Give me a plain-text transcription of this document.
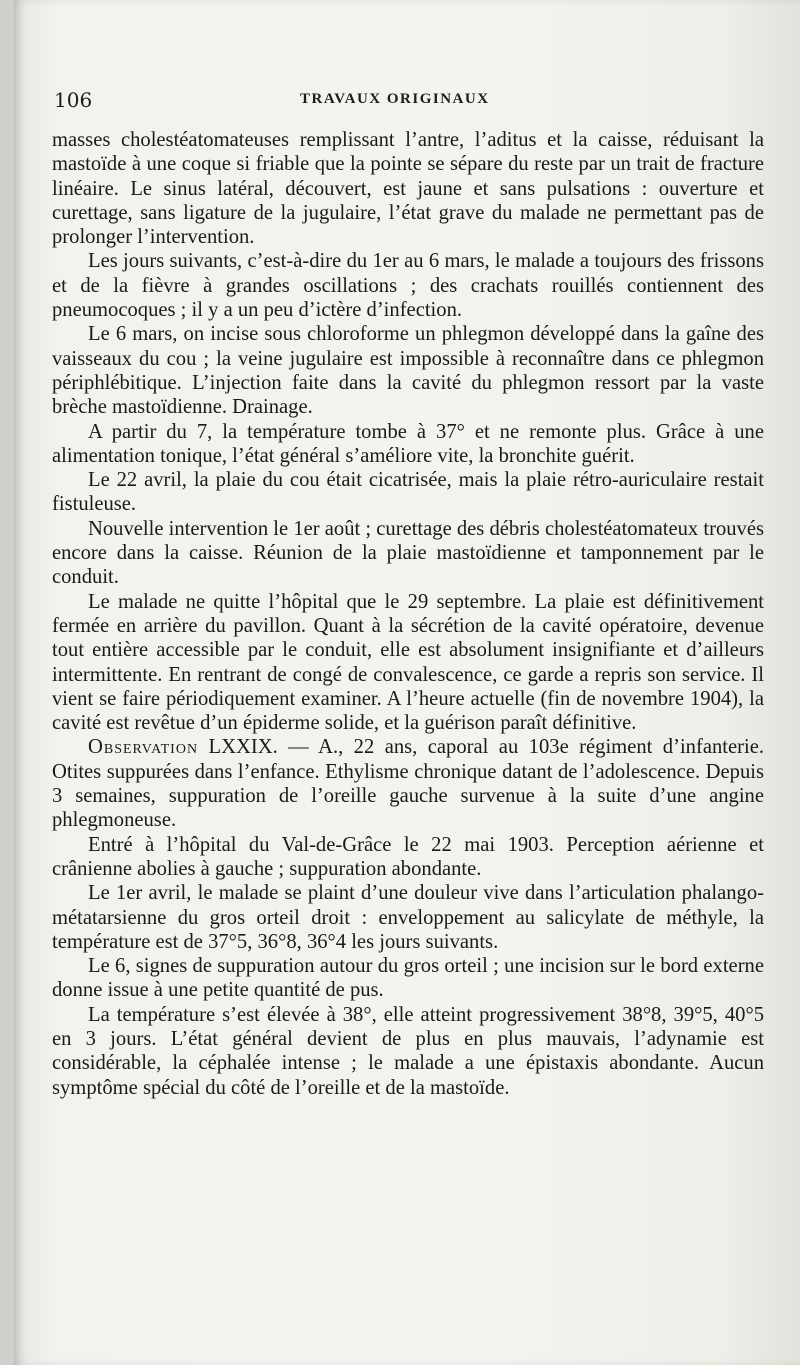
106	TRAVAUX ORIGINAUX

masses cholestéatomateuses remplissant l’antre, l’aditus et la caisse, réduisant la mastoïde à une coque si friable que la pointe se sépare du reste par un trait de fracture linéaire. Le sinus latéral, découvert, est jaune et sans pulsations : ouverture et curettage, sans ligature de la jugulaire, l’état grave du malade ne permettant pas de prolonger l’intervention.

Les jours suivants, c’est-à-dire du 1er au 6 mars, le malade a toujours des frissons et de la fièvre à grandes oscillations ; des crachats rouillés contiennent des pneumocoques ; il y a un peu d’ictère d’infection.

Le 6 mars, on incise sous chloroforme un phlegmon développé dans la gaîne des vaisseaux du cou ; la veine jugulaire est impossible à reconnaître dans ce phlegmon périphlébitique. L’injection faite dans la cavité du phlegmon ressort par la vaste brèche mastoïdienne. Drainage.

A partir du 7, la température tombe à 37° et ne remonte plus. Grâce à une alimentation tonique, l’état général s’améliore vite, la bronchite guérit.

Le 22 avril, la plaie du cou était cicatrisée, mais la plaie rétro-auriculaire restait fistuleuse.

Nouvelle intervention le 1er août ; curettage des débris cholestéatomateux trouvés encore dans la caisse. Réunion de la plaie mastoïdienne et tamponnement par le conduit.

Le malade ne quitte l’hôpital que le 29 septembre. La plaie est définitivement fermée en arrière du pavillon. Quant à la sécrétion de la cavité opératoire, devenue tout entière accessible par le conduit, elle est absolument insignifiante et d’ailleurs intermittente. En rentrant de congé de convalescence, ce garde a repris son service. Il vient se faire périodiquement examiner. A l’heure actuelle (fin de novembre 1904), la cavité est revêtue d’un épiderme solide, et la guérison paraît définitive.

Observation LXXIX. — A., 22 ans, caporal au 103e régiment d’infanterie. Otites suppurées dans l’enfance. Ethylisme chronique datant de l’adolescence. Depuis 3 semaines, suppuration de l’oreille gauche survenue à la suite d’une angine phlegmoneuse.

Entré à l’hôpital du Val-de-Grâce le 22 mai 1903. Perception aérienne et crânienne abolies à gauche ; suppuration abondante.

Le 1er avril, le malade se plaint d’une douleur vive dans l’articulation phalango-métatarsienne du gros orteil droit : enveloppement au salicylate de méthyle, la température est de 37°5, 36°8, 36°4 les jours suivants.

Le 6, signes de suppuration autour du gros orteil ; une incision sur le bord externe donne issue à une petite quantité de pus.

La température s’est élevée à 38°, elle atteint progressivement 38°8, 39°5, 40°5 en 3 jours. L’état général devient de plus en plus mauvais, l’adynamie est considérable, la céphalée intense ; le malade a une épistaxis abondante. Aucun symptôme spécial du côté de l’oreille et de la mastoïde.
